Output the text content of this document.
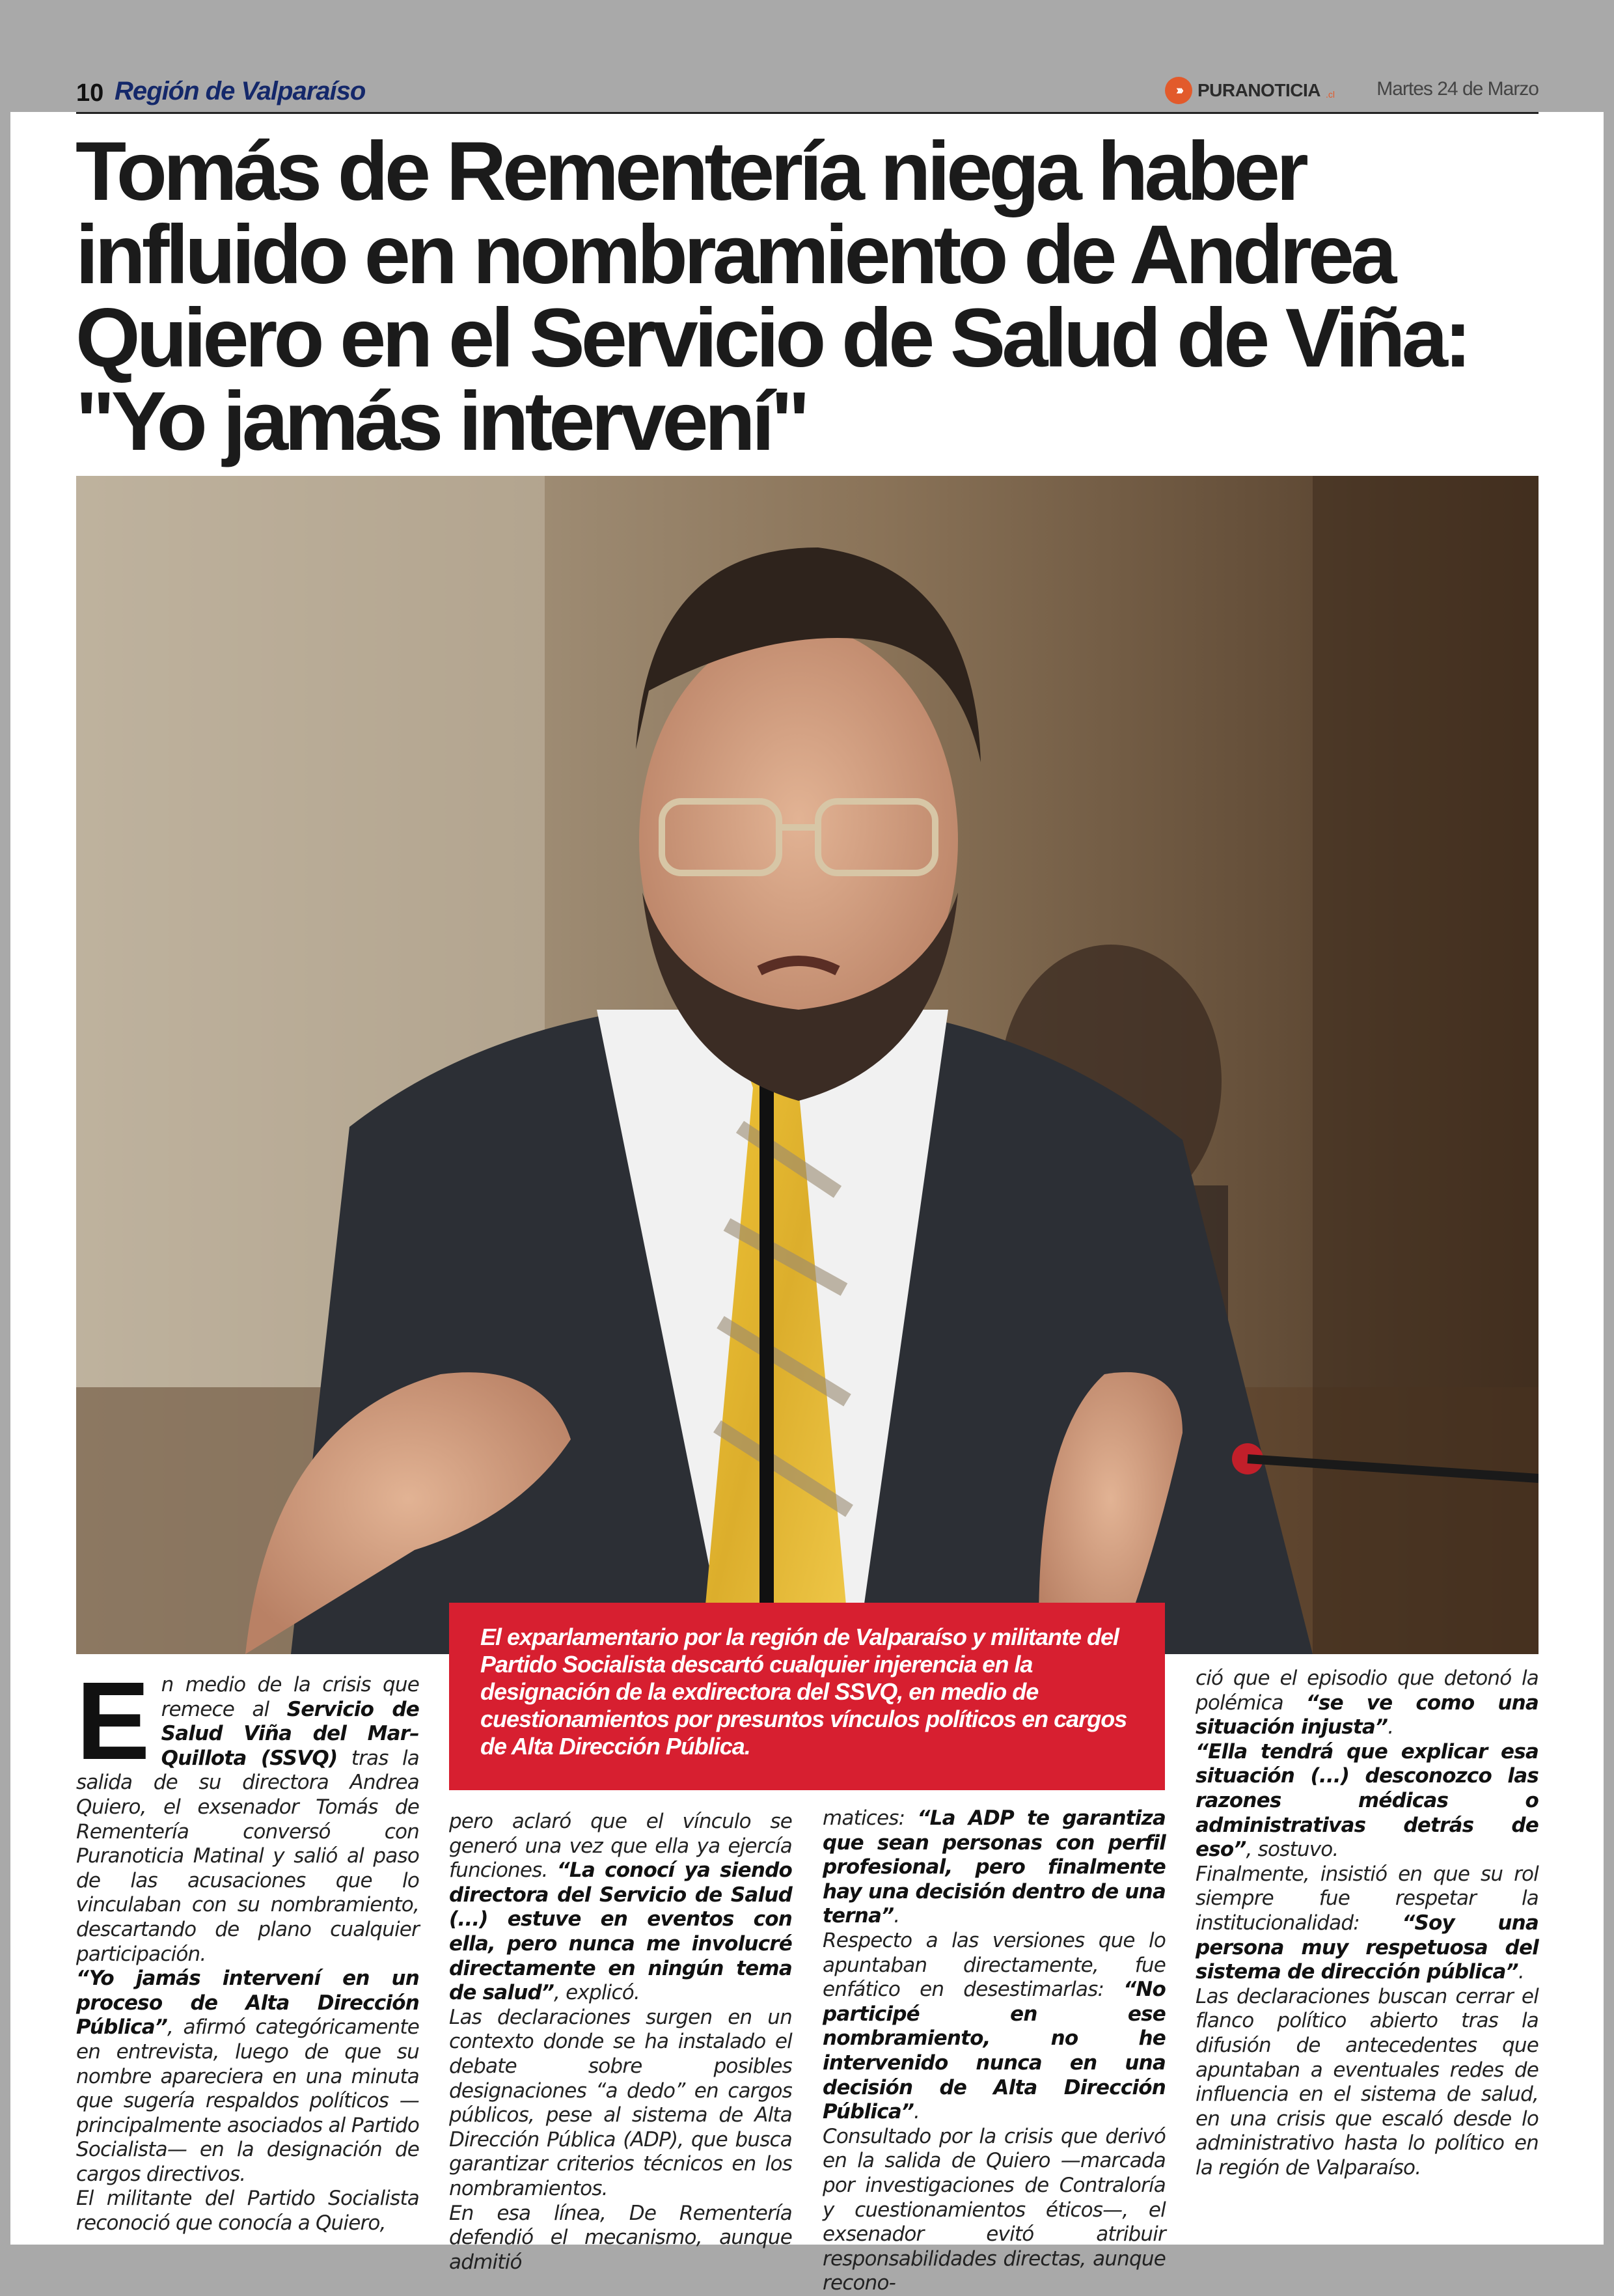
10 Región de Valparaíso	››› PURANOTICIA .cl Martes 24 de Marzo
Tomás de Rementería niega haber influido en nombramiento de Andrea Quiero en el Servicio de Salud de Viña: "Yo jamás intervení"
El exparlamentario por la región de Valparaíso y militante del Partido Socialista descartó cualquier injerencia en la designación de la exdirectora del SSVQ, en medio de cuestionamientos por presuntos vínculos políticos en cargos de Alta Dirección Pública.
En medio de la crisis que remece al Servicio de Salud Viña del Mar–Quillota (SSVQ) tras la salida de su directora Andrea Quiero, el exsenador Tomás de Rementería conversó con Puranoticia Matinal y salió al paso de las acusaciones que lo vinculaban con su nombramiento, descartando de plano cualquier participación.
“Yo jamás intervení en un proceso de Alta Dirección Pública”, afirmó categóricamente en entrevista, luego de que su nombre apareciera en una minuta que sugería respaldos políticos —principalmente asociados al Partido Socialista— en la designación de cargos directivos.
El militante del Partido Socialista reconoció que conocía a Quiero,
pero aclaró que el vínculo se generó una vez que ella ya ejercía funciones. “La conocí ya siendo directora del Servicio de Salud (...) estuve en eventos con ella, pero nunca me involucré directamente en ningún tema de salud”, explicó.
Las declaraciones surgen en un contexto donde se ha instalado el debate sobre posibles designaciones “a dedo” en cargos públicos, pese al sistema de Alta Dirección Pública (ADP), que busca garantizar criterios técnicos en los nombramientos.
En esa línea, De Rementería defendió el mecanismo, aunque admitió
matices: “La ADP te garantiza que sean personas con perfil profesional, pero finalmente hay una decisión dentro de una terna”.
Respecto a las versiones que lo apuntaban directamente, fue enfático en desestimarlas: “No participé en ese nombramiento, no he intervenido nunca en una decisión de Alta Dirección Pública”.
Consultado por la crisis que derivó en la salida de Quiero —marcada por investigaciones de Contraloría y cuestionamientos éticos—, el exsenador evitó atribuir responsabilidades directas, aunque recono-
ció que el episodio que detonó la polémica “se ve como una situación injusta”.
“Ella tendrá que explicar esa situación (...) desconozco las razones médicas o administrativas detrás de eso”, sostuvo.
Finalmente, insistió en que su rol siempre fue respetar la institucionalidad: “Soy una persona muy respetuosa del sistema de dirección pública”.
Las declaraciones buscan cerrar el flanco político abierto tras la difusión de antecedentes que apuntaban a eventuales redes de influencia en el sistema de salud, en una crisis que escaló desde lo administrativo hasta lo político en la región de Valparaíso.
